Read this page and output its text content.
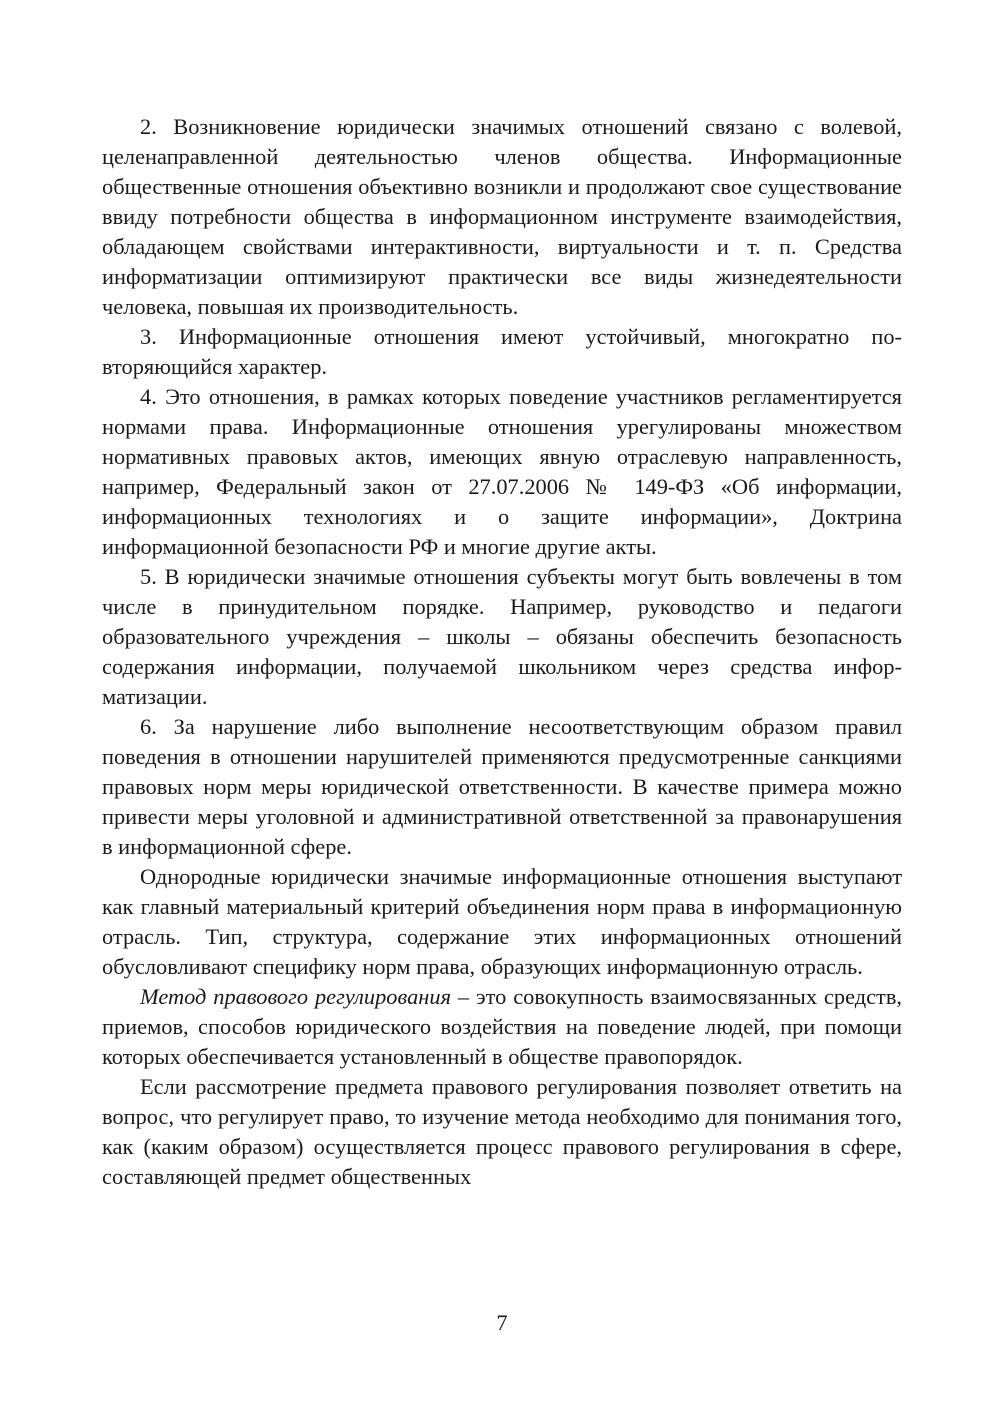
2. Возникновение юридически значимых отношений связано с волевой, целенаправленной деятельностью членов общества. Информационные общественные отношения объективно возникли и продолжают свое существование ввиду потребности общества в информационном инструменте взаимодействия, обладающем свойствами интерактивности, виртуальности и т. п. Средства информатизации оптимизируют практически все виды жизнедеятельности человека, повышая их производительность.

3. Информационные отношения имеют устойчивый, многократно повторяющийся характер.

4. Это отношения, в рамках которых поведение участников регламентируется нормами права. Информационные отношения урегулированы множеством нормативных правовых актов, имеющих явную отраслевую направленность, например, Федеральный закон от 27.07.2006 № 149-ФЗ «Об информации, информационных технологиях и о защите информации», Доктрина информационной безопасности РФ и многие другие акты.

5. В юридически значимые отношения субъекты могут быть вовлечены в том числе в принудительном порядке. Например, руководство и педагоги образовательного учреждения – школы – обязаны обеспечить безопасность содержания информации, получаемой школьником через средства информатизации.

6. За нарушение либо выполнение несоответствующим образом правил поведения в отношении нарушителей применяются предусмотренные санкциями правовых норм меры юридической ответственности. В качестве примера можно привести меры уголовной и административной ответственной за правонарушения в информационной сфере.

Однородные юридически значимые информационные отношения выступают как главный материальный критерий объединения норм права в информационную отрасль. Тип, структура, содержание этих информационных отношений обусловливают специфику норм права, образующих информационную отрасль.

Метод правового регулирования – это совокупность взаимосвязанных средств, приемов, способов юридического воздействия на поведение людей, при помощи которых обеспечивается установленный в обществе правопорядок.

Если рассмотрение предмета правового регулирования позволяет ответить на вопрос, что регулирует право, то изучение метода необходимо для понимания того, как (каким образом) осуществляется процесс правового регулирования в сфере, составляющей предмет общественных

7
